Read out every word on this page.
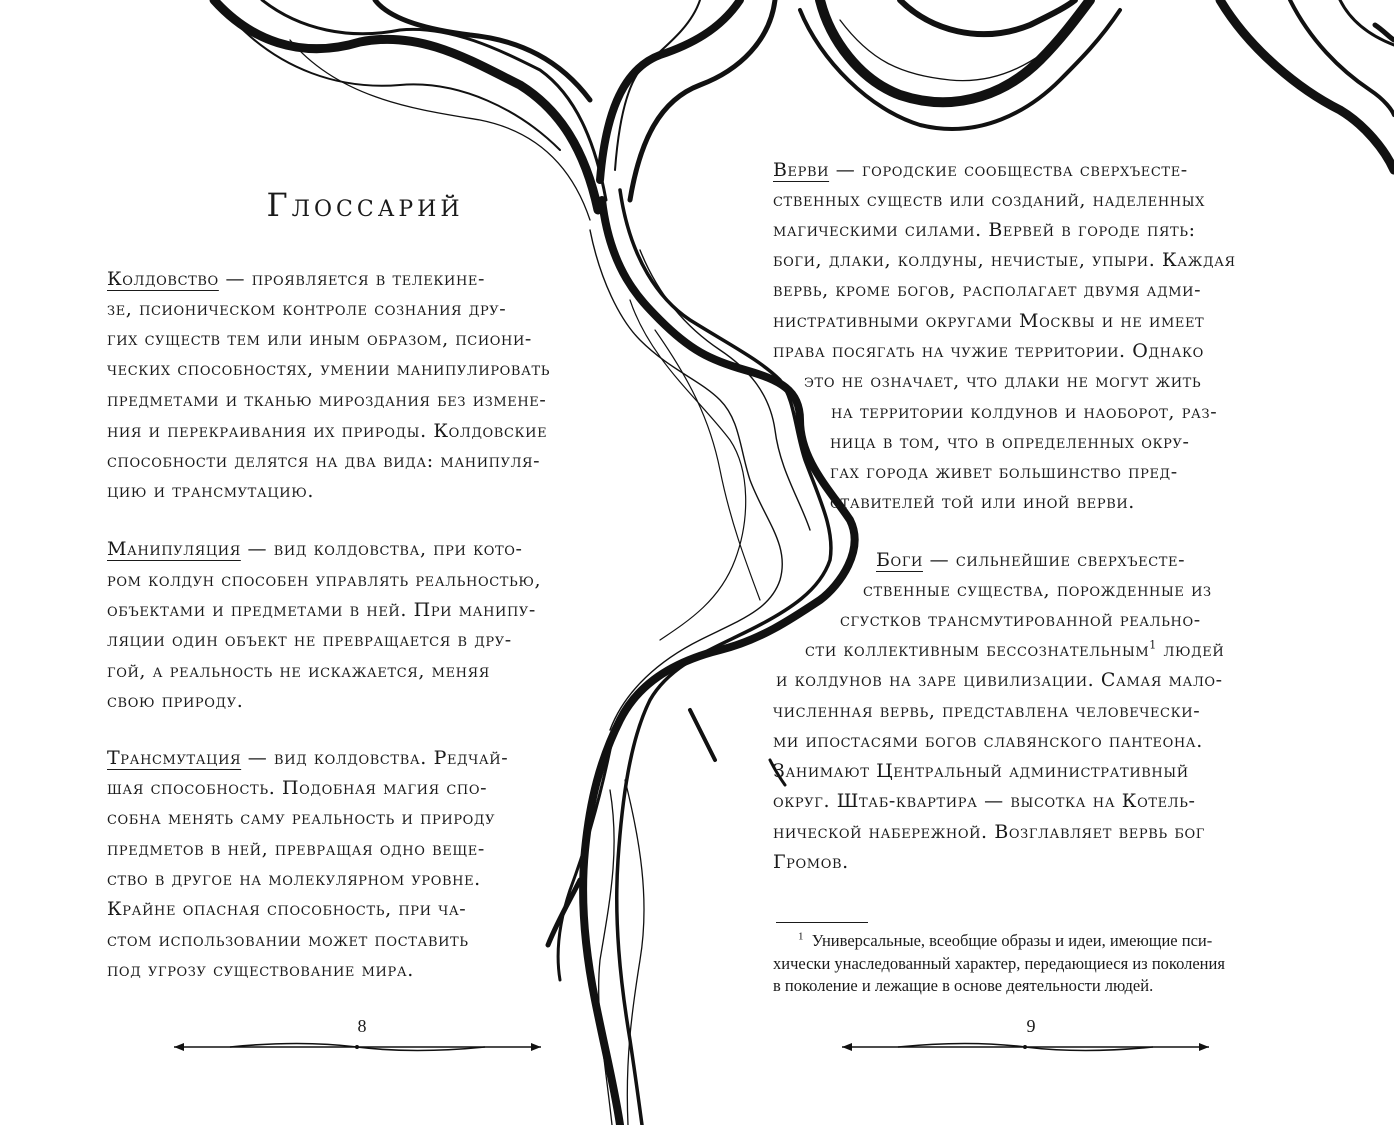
Глоссарий
Колдовство — проявляется в телекине-
зе, псионическом контроле сознания дру-
гих существ тем или иным образом, псиони-
ческих способностях, умении манипулировать
предметами и тканью мироздания без измене-
ния и перекраивания их природы. Колдовские
способности делятся на два вида: манипуля-
цию и трансмутацию.
Манипуляция — вид колдовства, при кото-
ром колдун способен управлять реальностью,
объектами и предметами в ней. При манипу-
ляции один объект не превращается в дру-
гой, а реальность не искажается, меняя
свою природу.
Трансмутация — вид колдовства. Редчай-
шая способность. Подобная магия спо-
собна менять саму реальность и природу
предметов в ней, превращая одно веще-
ство в другое на молекулярном уровне.
Крайне опасная способность, при ча-
стом использовании может поставить
под угрозу существование мира.
8
Верви — городские сообщества сверхъесте-
ственных существ или созданий, наделенных
магическими силами. Вервей в городе пять:
боги, длаки, колдуны, нечистые, упыри. Каждая
вервь, кроме богов, располагает двумя адми-
нистративными округами Москвы и не имеет
права посягать на чужие территории. Однако
это не означает, что длаки не могут жить
на территории колдунов и наоборот, раз-
ница в том, что в определенных окру-
гах города живет большинство пред-
ставителей той или иной верви.
Боги — сильнейшие сверхъесте-
ственные существа, порожденные из
сгустков трансмутированной реально-
сти коллективным бессознательным$^1$ людей
и колдунов на заре цивилизации. Самая мало-
численная вервь, представлена человечески-
ми ипостасями богов славянского пантеона.
Занимают Центральный административный
округ. Штаб-квартира — высотка на Котель-
нической набережной. Возглавляет вервь бог
Громов.
$^1$ Универсальные, всеобщие образы и идеи, имеющие пси-
хически унаследованный характер, передающиеся из поколения
в поколение и лежащие в основе деятельности людей.
9
